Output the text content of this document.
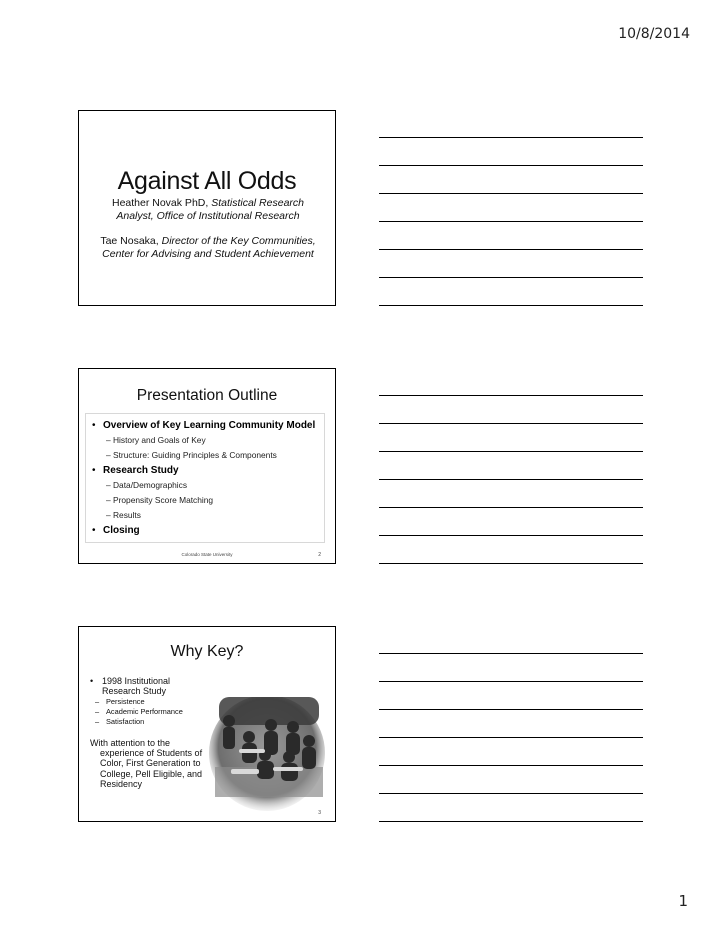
10/8/2014
Against All Odds
Heather Novak PhD, Statistical Research Analyst, Office of Institutional Research
Tae Nosaka, Director of the Key Communities, Center for Advising and Student Achievement
Presentation Outline
• Overview of Key Learning Community Model
– History and Goals of Key
– Structure: Guiding Principles & Components
• Research Study
– Data/Demographics
– Propensity Score Matching
– Results
• Closing
Colorado State University	2
Why Key?
• 1998 Institutional Research Study
– Persistence
– Academic Performance
– Satisfaction
With attention to the
experience of Students of Color, First Generation to College, Pell Eligible, and Residency
3
1
